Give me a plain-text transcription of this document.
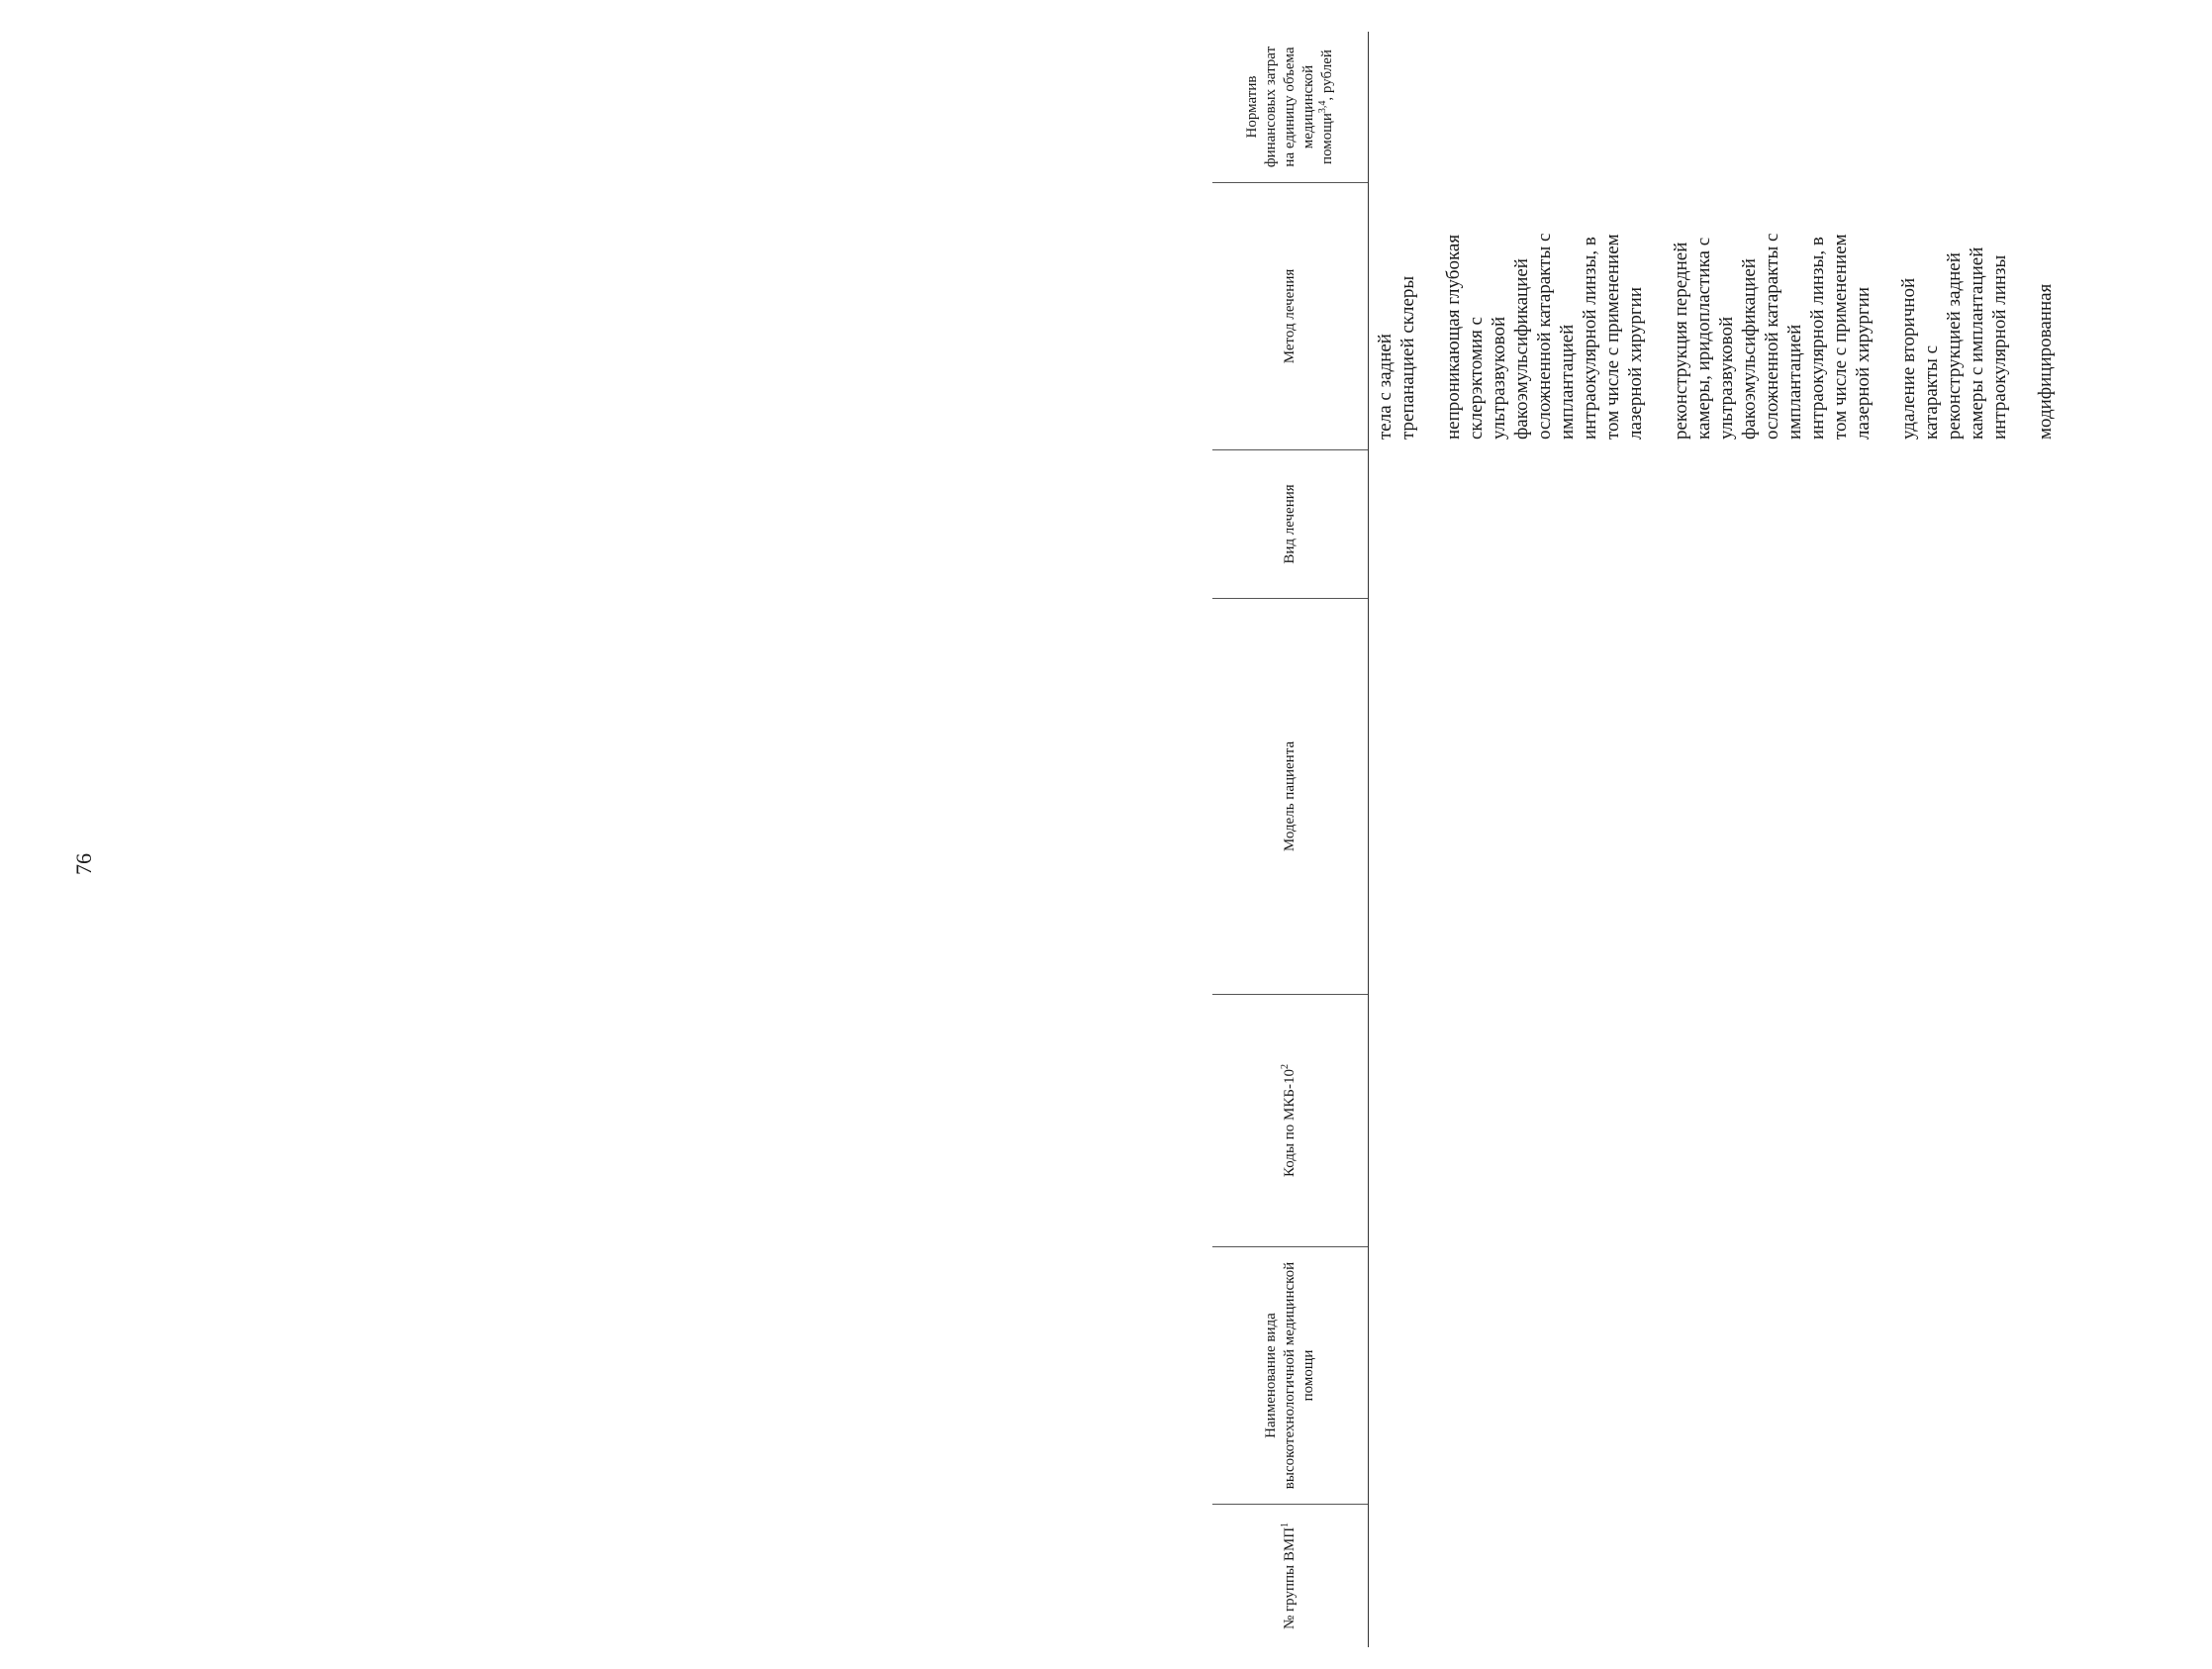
76
№ группы ВМП$^1$
Наименование вида высокотехнологичной медицинской помощи
Коды по МКБ-$10^2$
Модель пациента
Вид лечения
Метод лечения
Норматив финансовых затрат на единицу объема медицинской помощи$^{3,4}$, рублей
тела с задней трепанацией склеры непроникающая глубокая склерэктомия с ультразвуковой факоэмульсификацией осложненной катаракты с имплантацией интраокулярной линзы, в том числе с применением лазерной хирургии реконструкция передней камеры, иридопластика с ультразвуковой факоэмульсификацией осложненной катаракты с имплантацией интраокулярной линзы, в том числе с применением лазерной хирургии удаление вторичной катаракты с реконструкцией задней камеры с имплантацией интраокулярной линзы модифицированная
